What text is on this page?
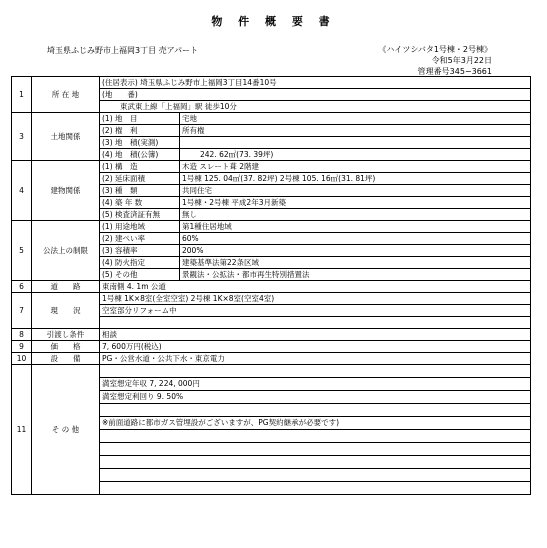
物 件 概 要 書
埼玉県ふじみ野市上福岡3丁目 売アパート	《ハイツシバタ1号棟・2号棟》
令和5年3月22日
管理番号345−3661
1	所 在 地	(住居表示) 埼玉県ふじみ野市上福岡3丁目14番10号	
		(地　　番)	
		東武東上線「上福岡」駅 徒歩10分	
3	土地関係	(1) 地　目	宅地
		(2) 権　利	所有権
		(3) 地　積(実測)	
		(4) 地　積(公簿)	242. 62㎡(73. 39坪)
4	建物関係	(1) 構　造	木造 スレート葺 2階建
		(2) 延床面積	1号棟 125. 04㎡(37. 82坪) 2号棟 105. 16㎡(31. 81坪)
		(3) 種　類	共同住宅
		(4) 築 年 数	1号棟・2号棟 平成2年3月新築
		(5) 検査済証有無	無し
5	公法上の制限	(1) 用途地域	第1種住居地域
		(2) 建ぺい率	60%
		(3) 容積率	200%
		(4) 防火指定	建築基準法第22条区域
		(5) その他	景観法・公拡法・都市再生特別措置法
6	道　　路	東南側 4. 1m 公道	
7	現　　況	1号棟 1K×8室(全室空室) 2号棟 1K×8室(空室4室)	
		空室部分リフォーム中	

8	引渡し条件	相談	
9	価　　格	7, 600万円(税込)	
10	設　　備	PG・公営水道・公共下水・東京電力	
11	そ の 他		
		満室想定年収 7, 224, 000円	
		満室想定利回り 9. 50%	

		※前面道路に都市ガス管埋設がございますが、PG契約継承が必要です)	
